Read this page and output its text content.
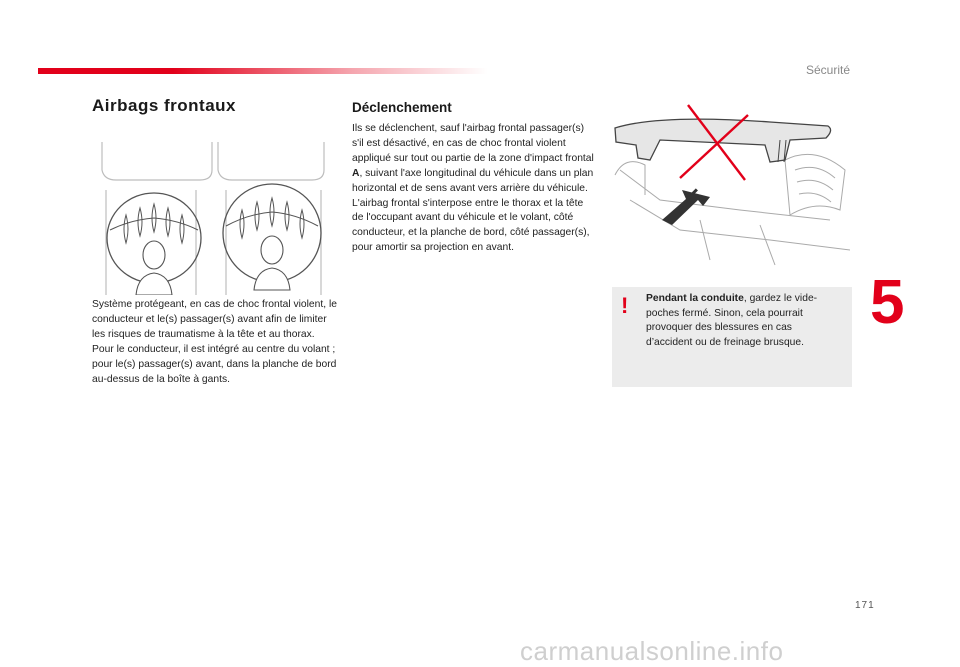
Sécurité
5
171
Airbags frontaux

Système protégeant, en cas de choc frontal violent, le conducteur et le(s) passager(s) avant afin de limiter les risques de traumatisme à la tête et au thorax.
Pour le conducteur, il est intégré au centre du volant ; pour le(s) passager(s) avant, dans la planche de bord au-dessus de la boîte à gants.

Déclenchement

Ils se déclenchent, sauf l'airbag frontal passager(s) s'il est désactivé, en cas de choc frontal violent appliqué sur tout ou partie de la zone d'impact frontal A, suivant l'axe longitudinal du véhicule dans un plan horizontal et de sens avant vers arrière du véhicule.
L'airbag frontal s'interpose entre le thorax et la tête de l'occupant avant du véhicule et le volant, côté conducteur, et la planche de bord, côté passager(s), pour amortir sa projection en avant.

! Pendant la conduite, gardez le vide-poches fermé. Sinon, cela pourrait provoquer des blessures en cas d’accident ou de freinage brusque.

carmanualsonline.info
